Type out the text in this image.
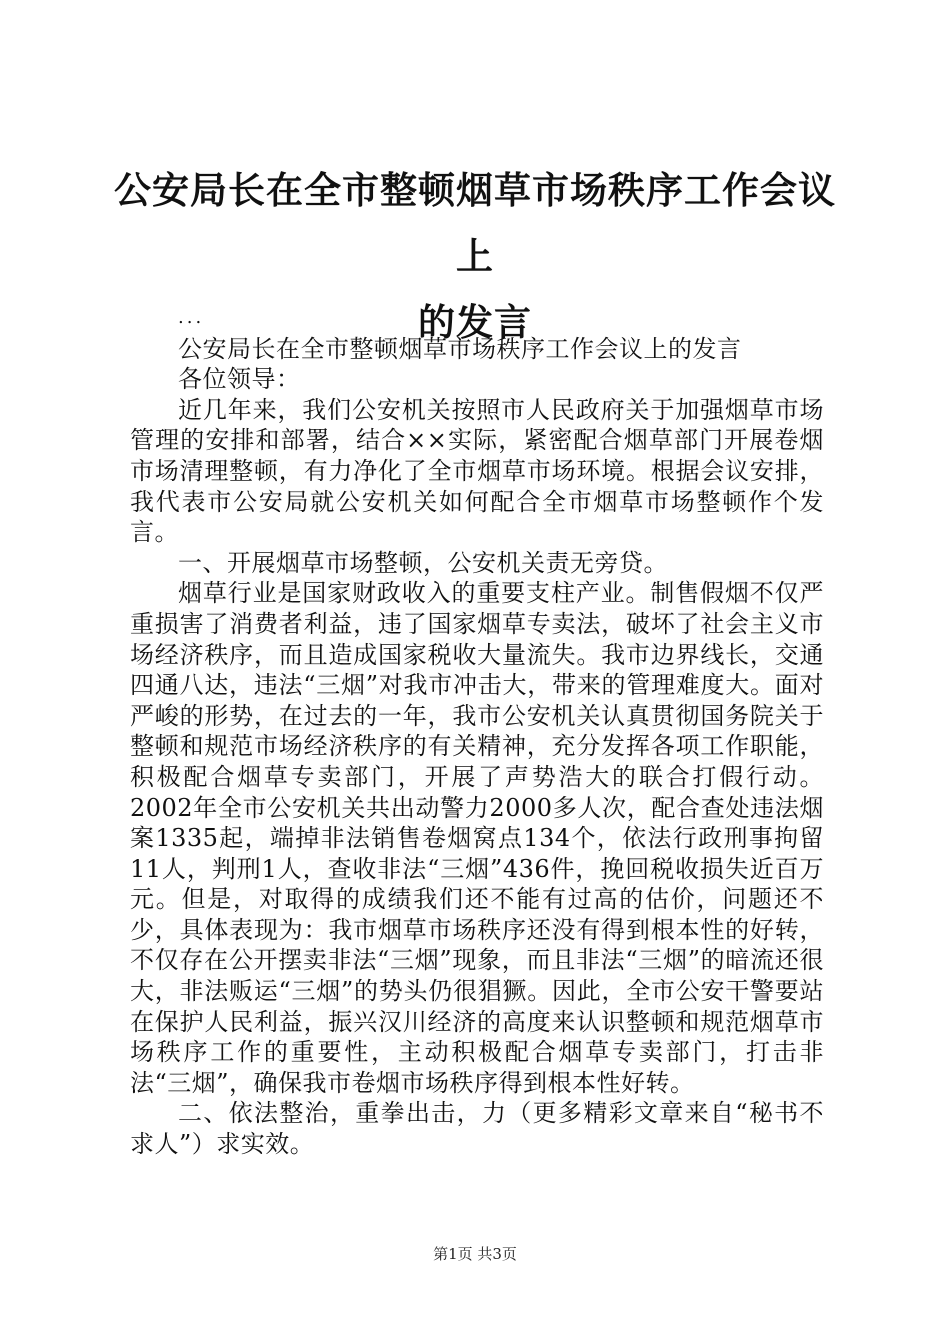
公安局长在全市整顿烟草市场秩序工作会议上
的发言

...

公安局长在全市整顿烟草市场秩序工作会议上的发言

各位领导：

近几年来，我们公安机关按照市人民政府关于加强烟草市场管理的安排和部署，结合××实际，紧密配合烟草部门开展卷烟市场清理整顿，有力净化了全市烟草市场环境。根据会议安排，我代表市公安局就公安机关如何配合全市烟草市场整顿作个发言。

一、开展烟草市场整顿，公安机关责无旁贷。

烟草行业是国家财政收入的重要支柱产业。制售假烟不仅严重损害了消费者利益，违了国家烟草专卖法，破坏了社会主义市场经济秩序，而且造成国家税收大量流失。我市边界线长，交通四通八达，违法“三烟”对我市冲击大，带来的管理难度大。面对严峻的形势，在过去的一年，我市公安机关认真贯彻国务院关于整顿和规范市场经济秩序的有关精神，充分发挥各项工作职能，积极配合烟草专卖部门，开展了声势浩大的联合打假行动。2002年全市公安机关共出动警力2000多人次，配合查处违法烟案1335起，端掉非法销售卷烟窝点134个，依法行政刑事拘留11人，判刑1人，查收非法“三烟”436件，挽回税收损失近百万元。但是，对取得的成绩我们还不能有过高的估价，问题还不少，具体表现为：我市烟草市场秩序还没有得到根本性的好转，不仅存在公开摆卖非法“三烟”现象，而且非法“三烟”的暗流还很大，非法贩运“三烟”的势头仍很猖獗。因此，全市公安干警要站在保护人民利益，振兴汉川经济的高度来认识整顿和规范烟草市场秩序工作的重要性，主动积极配合烟草专卖部门，打击非法“三烟”，确保我市卷烟市场秩序得到根本性好转。

二、依法整治，重拳出击，力（更多精彩文章来自“秘书不求人”）求实效。

第1页 共3页
